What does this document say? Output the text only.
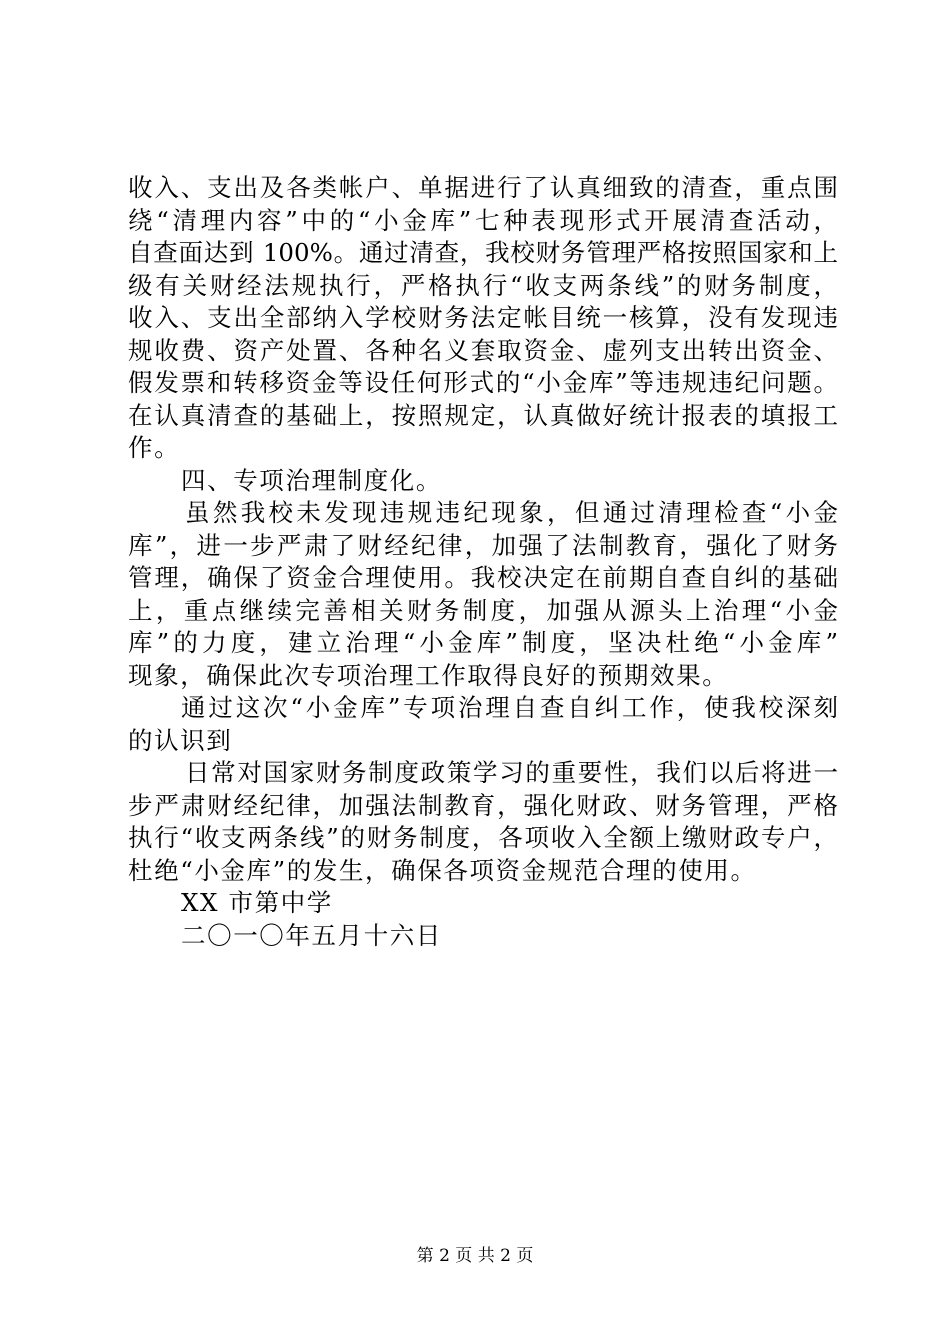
收入、支出及各类帐户、单据进行了认真细致的清查，重点围
绕“清理内容”中的“小金库”七种表现形式开展清查活动，
自查面达到 100%。通过清查，我校财务管理严格按照国家和上
级有关财经法规执行，严格执行“收支两条线”的财务制度，
收入、支出全部纳入学校财务法定帐目统一核算，没有发现违
规收费、资产处置、各种名义套取资金、虚列支出转出资金、
假发票和转移资金等设任何形式的“小金库”等违规违纪问题。
在认真清查的基础上，按照规定，认真做好统计报表的填报工
作。
四、专项治理制度化。
虽然我校未发现违规违纪现象，但通过清理检查“小金
库”，进一步严肃了财经纪律，加强了法制教育，强化了财务
管理，确保了资金合理使用。我校决定在前期自查自纠的基础
上，重点继续完善相关财务制度，加强从源头上治理“小金
库”的力度，建立治理“小金库”制度，坚决杜绝“小金库”
现象，确保此次专项治理工作取得良好的预期效果。
通过这次“小金库”专项治理自查自纠工作，使我校深刻
的认识到
日常对国家财务制度政策学习的重要性，我们以后将进一
步严肃财经纪律，加强法制教育，强化财政、财务管理，严格
执行“收支两条线”的财务制度，各项收入全额上缴财政专户，
杜绝“小金库”的发生，确保各项资金规范合理的使用。
XX 市第中学
二〇一〇年五月十六日
第 2 页 共 2 页
